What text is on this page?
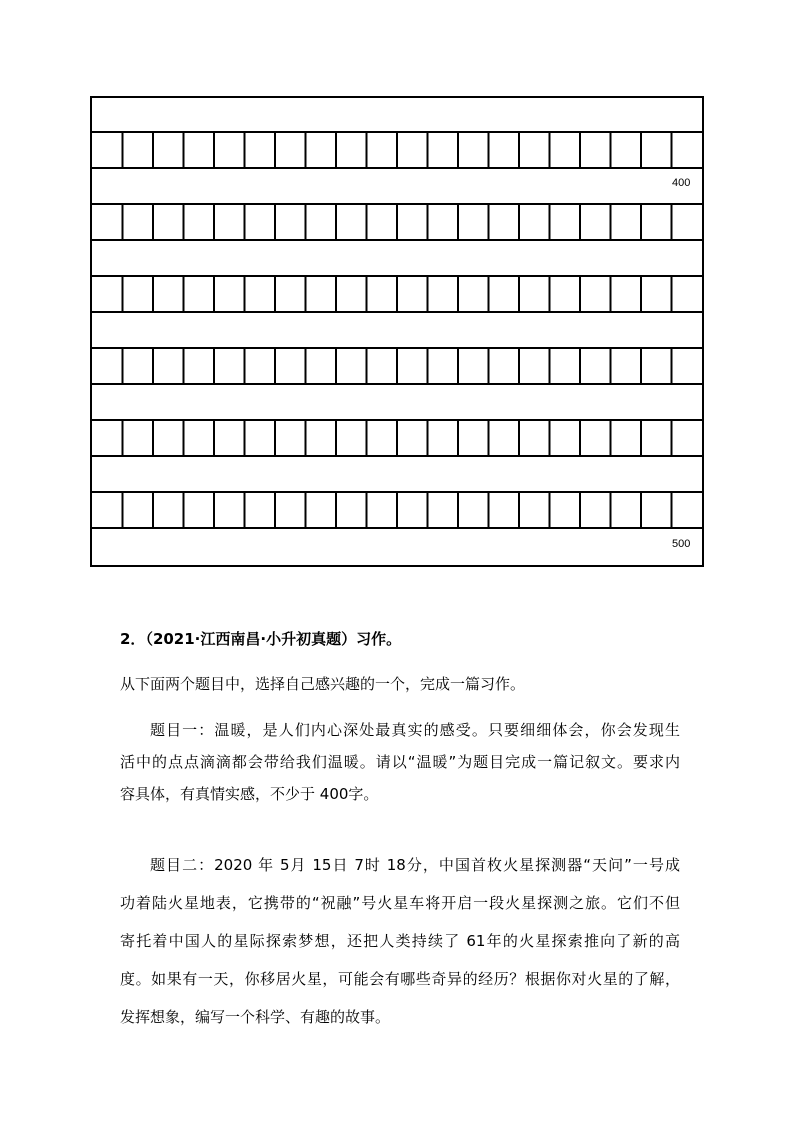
400
500
2．（2021·江西南昌·小升初真题）习作。

从下面两个题目中，选择自己感兴趣的一个，完成一篇习作。

题目一：温暖，是人们内心深处最真实的感受。只要细细体会，你会发现生
活中的点点滴滴都会带给我们温暖。请以“温暖”为题目完成一篇记叙文。要求内
容具体，有真情实感，不少于 400字。
题目二：2020 年 5月 15日 7时 18分，中国首枚火星探测器“天问”一号成
功着陆火星地表，它携带的“祝融”号火星车将开启一段火星探测之旅。它们不但
寄托着中国人的星际探索梦想，还把人类持续了 61年的火星探索推向了新的高
度。如果有一天，你移居火星，可能会有哪些奇异的经历？根据你对火星的了解，
发挥想象，编写一个科学、有趣的故事。
